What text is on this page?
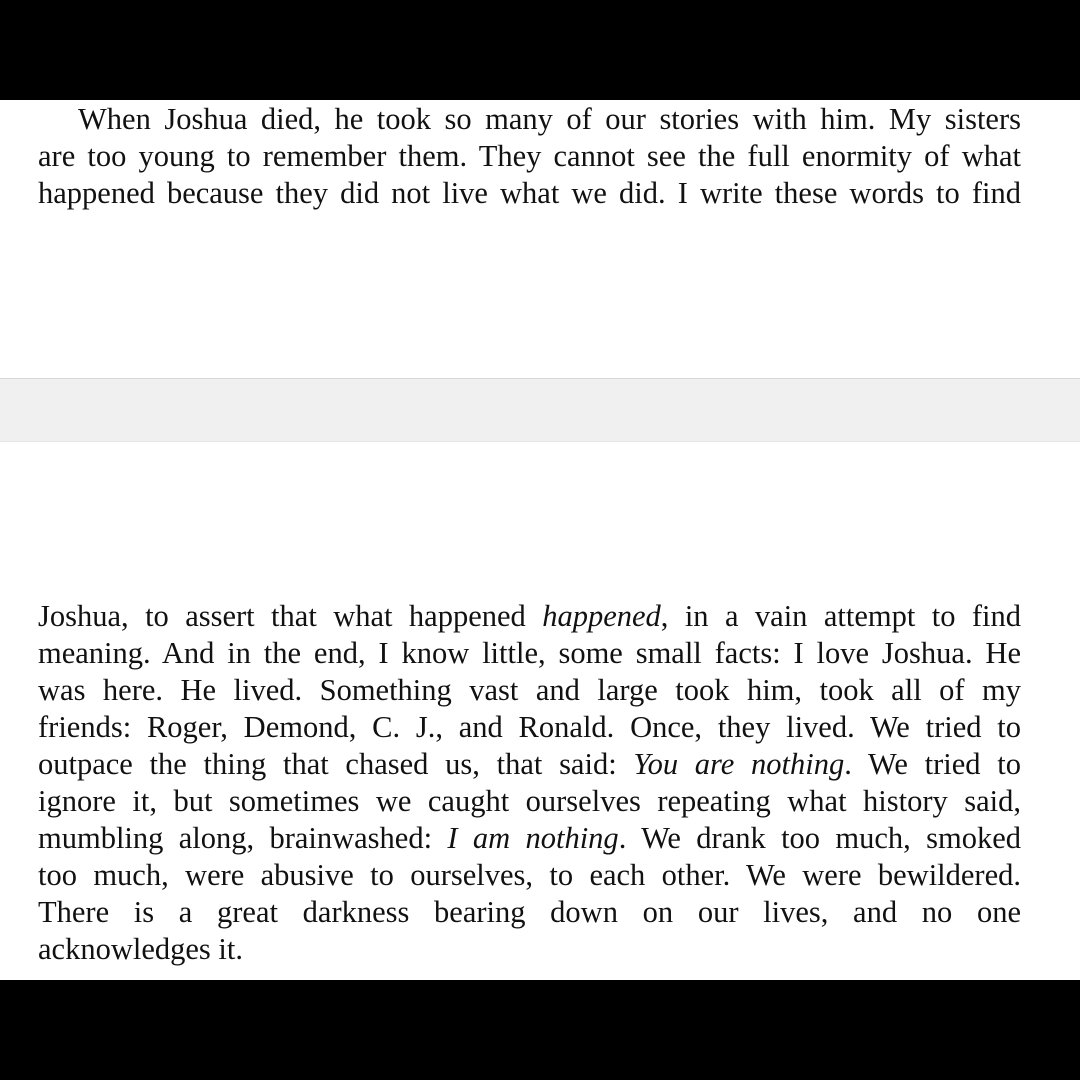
When Joshua died, he took so many of our stories with him. My sisters
are too young to remember them. They cannot see the full enormity of what
happened because they did not live what we did. I write these words to find
Joshua, to assert that what happened happened, in a vain attempt to find
meaning. And in the end, I know little, some small facts: I love Joshua. He
was here. He lived. Something vast and large took him, took all of my
friends: Roger, Demond, C. J., and Ronald. Once, they lived. We tried to
outpace the thing that chased us, that said: You are nothing. We tried to
ignore it, but sometimes we caught ourselves repeating what history said,
mumbling along, brainwashed: I am nothing. We drank too much, smoked
too much, were abusive to ourselves, to each other. We were bewildered.
There is a great darkness bearing down on our lives, and no one
acknowledges it.
